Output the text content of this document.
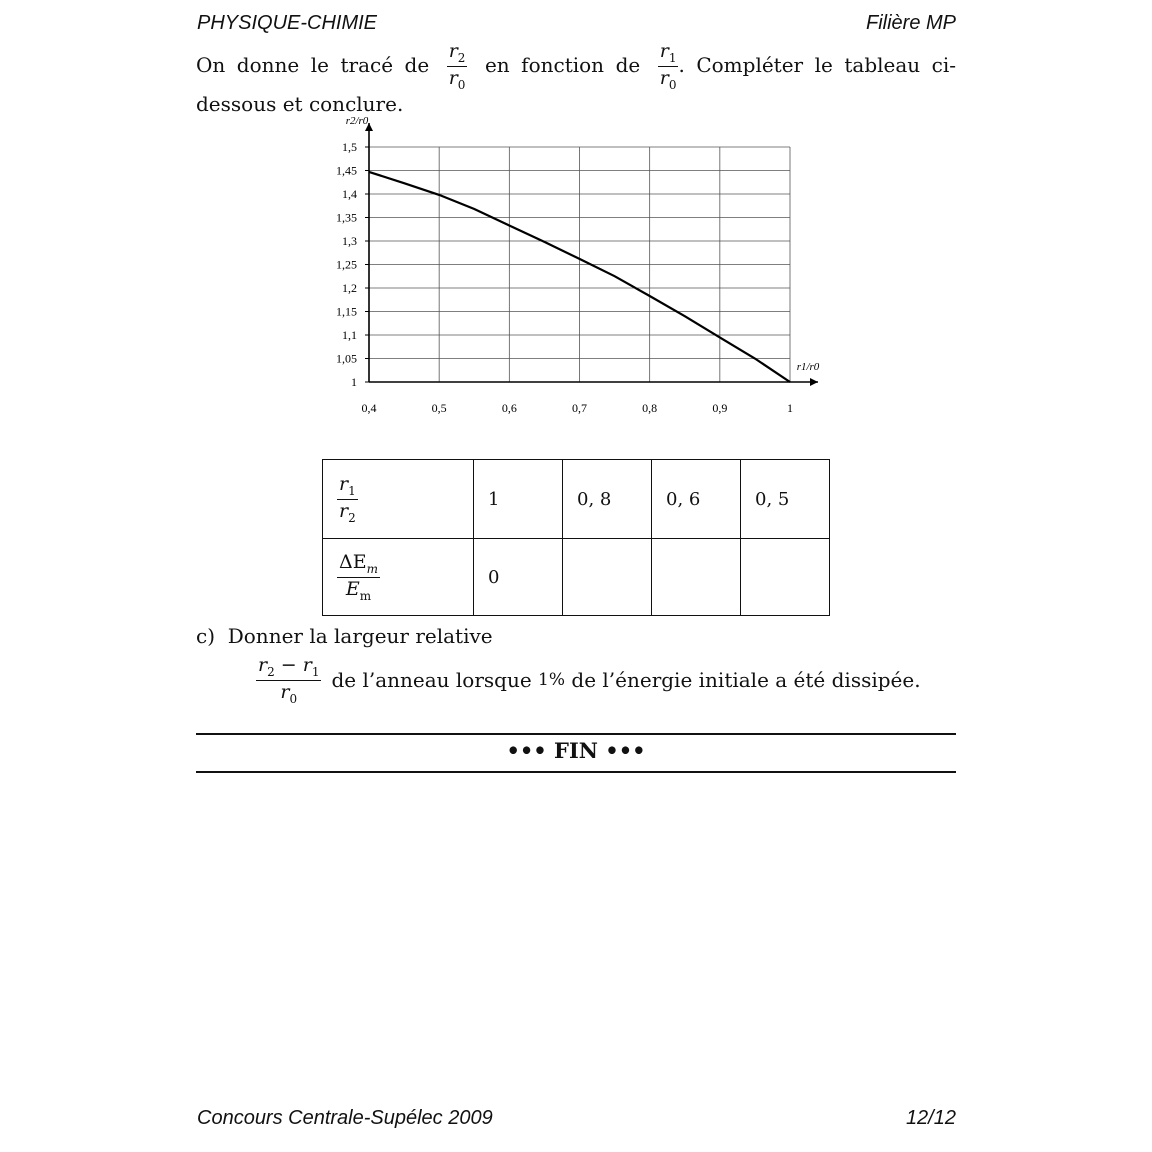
PHYSIQUE-CHIMIE	Filière MP
On donne le tracé de $\frac{r_2}{r_0}$ en fonction de $\frac{r_1}{r_0}$ . Compléter le tableau ci-dessous et conclure.
1
1,05
1,1
1,15
1,2
1,25
1,3
1,35
1,4
1,45
1,5
0,4	0,5	0,6	0,7	0,8	0,9	1
r2/r0
r1/r0
$\frac{r_1}{r_2}$	1	0, 8	0, 6	0, 5

$\frac{\Delta E_m}{E_m}$	0			
c) Donner la largeur relative
$\frac{r_2 - r_1}{r_0}$ de l’anneau lorsque
1%
de l’énergie initiale a été dissipée.
••• FIN •••
Concours Centrale-Supélec 2009	12/12
